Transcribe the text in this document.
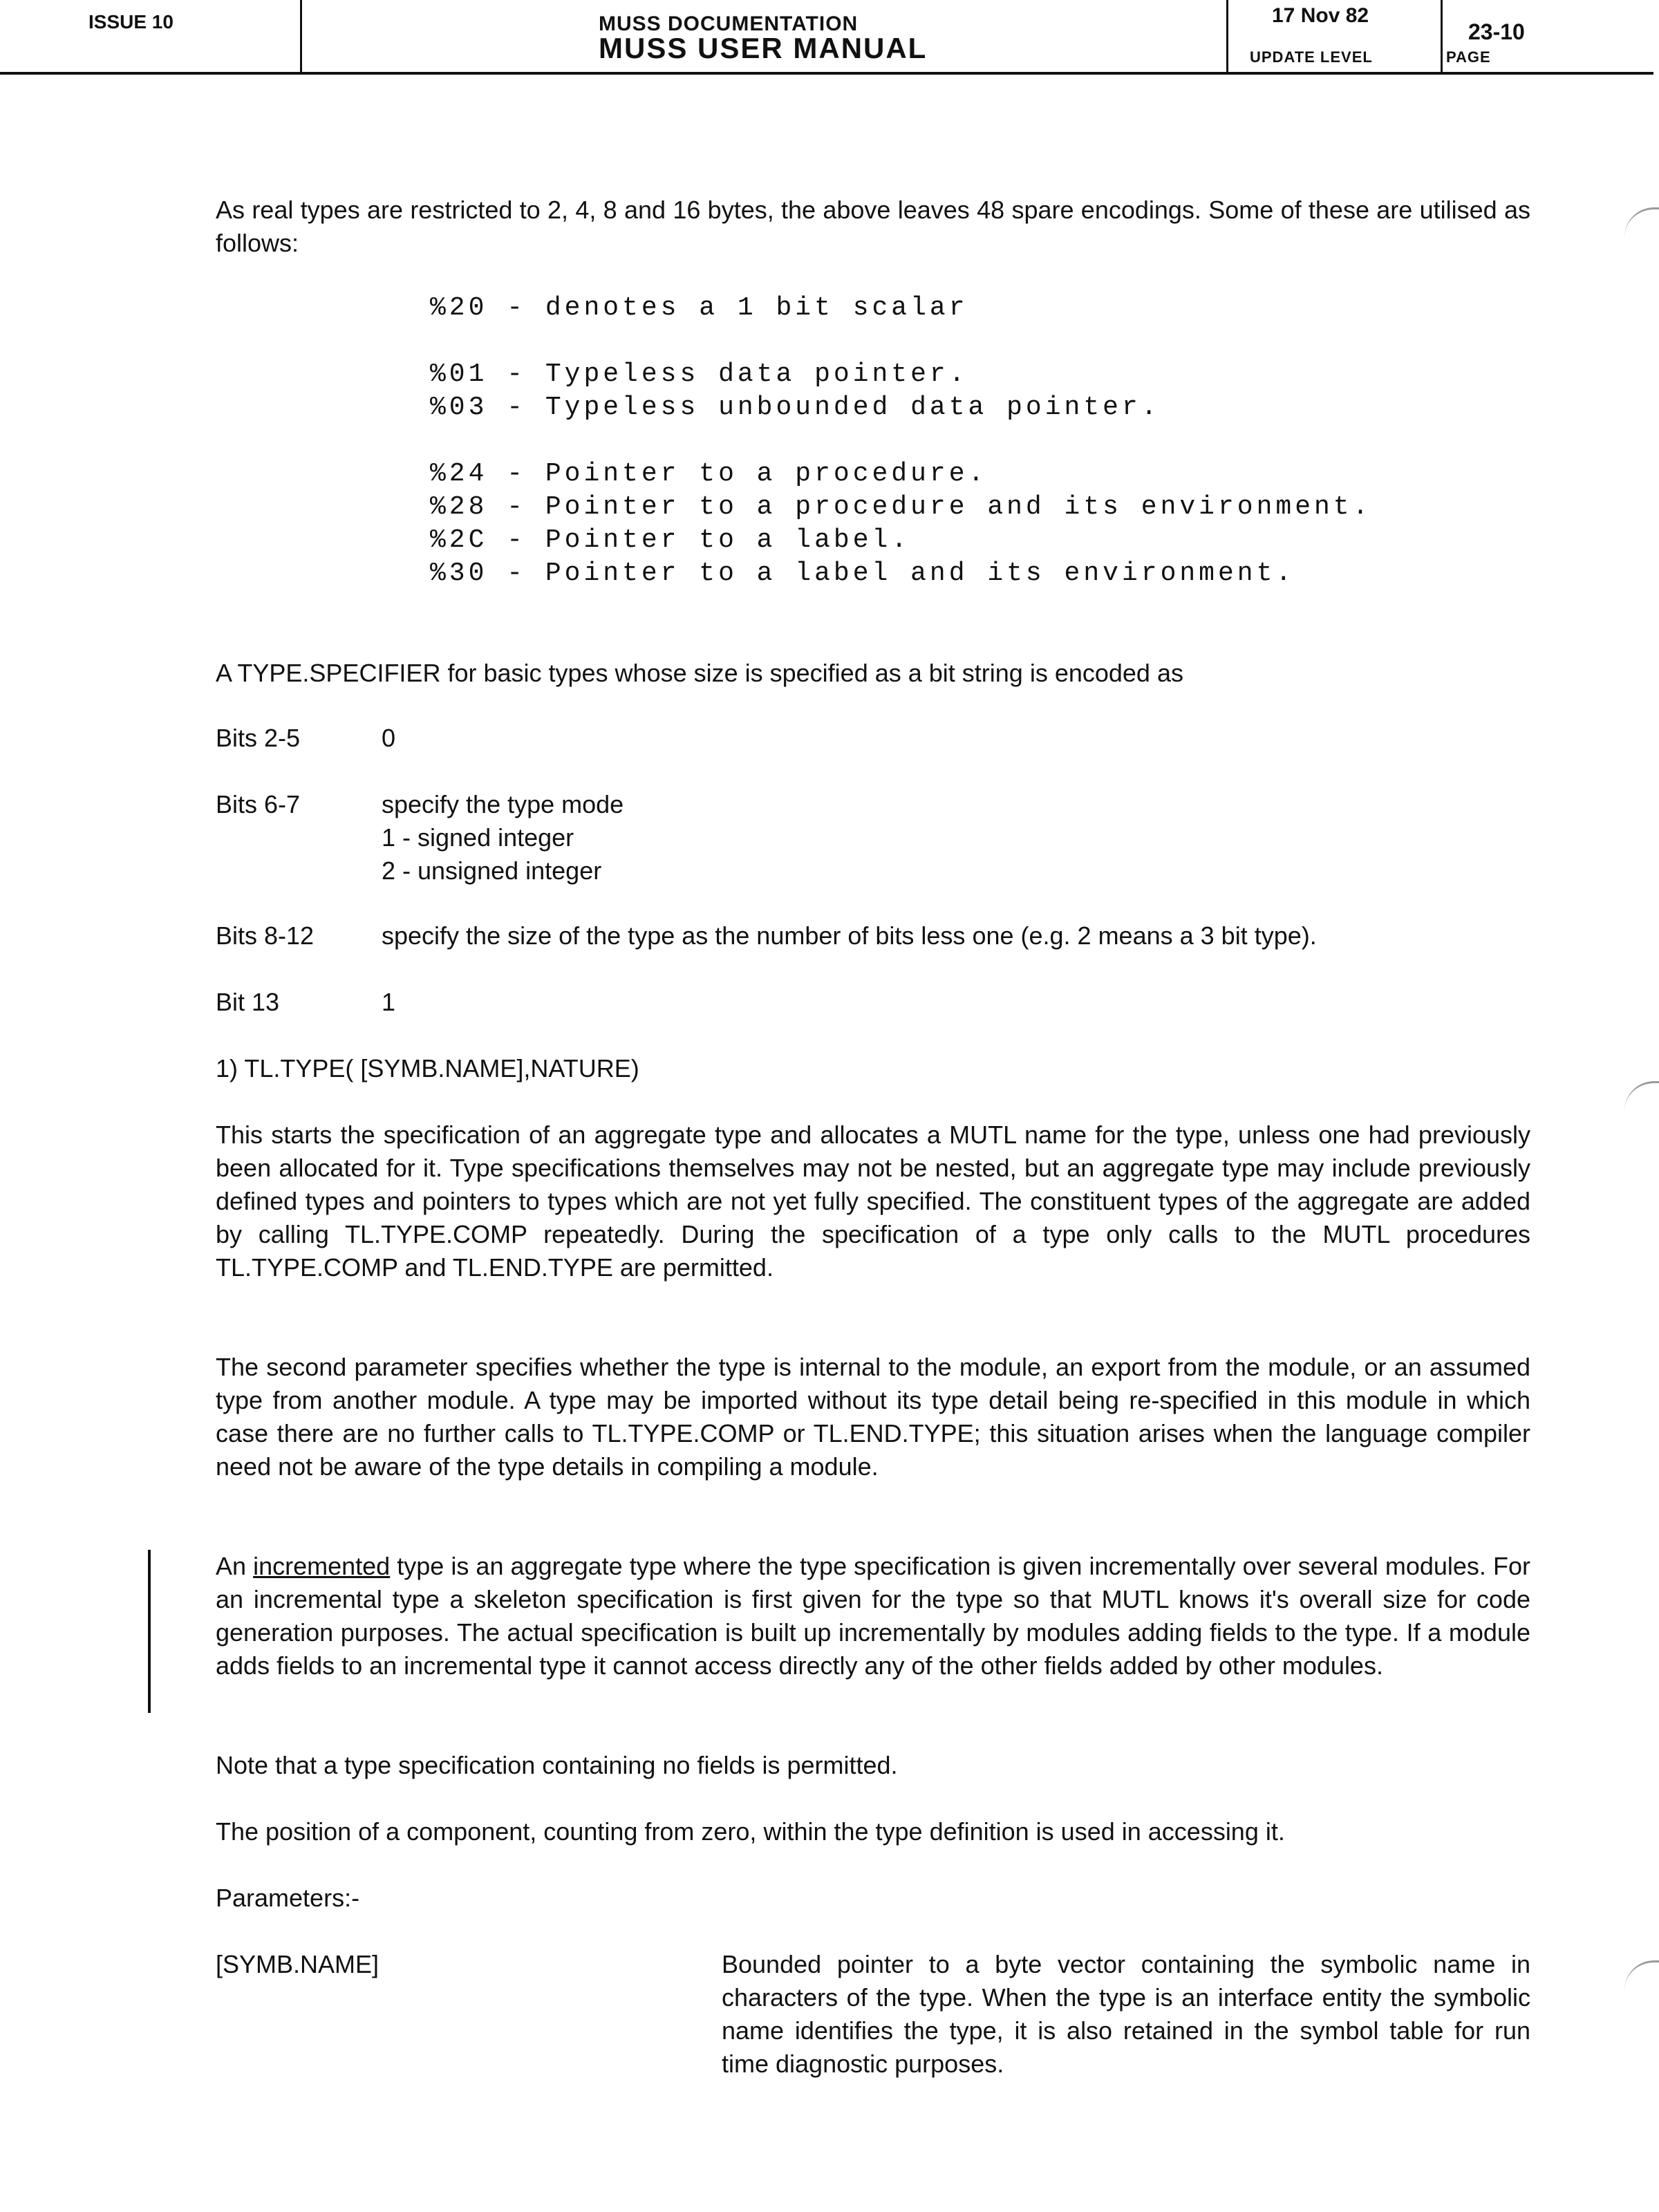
ISSUE 10	MUSS DOCUMENTATION
MUSS USER MANUAL
17 Nov 82
UPDATE LEVEL
23-10
PAGE

As real types are restricted to 2, 4, 8 and 16 bytes, the above leaves 48 spare encodings. Some of these are utilised as follows:

%20 - denotes a 1 bit scalar
%01 - Typeless data pointer.
%03 - Typeless unbounded data pointer.
%24 - Pointer to a procedure.
%28 - Pointer to a procedure and its environment.
%2C - Pointer to a label.
%30 - Pointer to a label and its environment.

A TYPE.SPECIFIER for basic types whose size is specified as a bit string is encoded as

Bits 2-5	0
Bits 6-7	specify the type mode
1 - signed integer
2 - unsigned integer
Bits 8-12	specify the size of the type as the number of bits less one (e.g. 2 means a 3 bit type).
Bit 13	1
1) TL.TYPE( [SYMB.NAME],NATURE)

This starts the specification of an aggregate type and allocates a MUTL name for the type, unless one had previously been allocated for it. Type specifications themselves may not be nested, but an aggregate type may include previously defined types and pointers to types which are not yet fully specified. The constituent types of the aggregate are added by calling TL.TYPE.COMP repeatedly. During the specification of a type only calls to the MUTL procedures TL.TYPE.COMP and TL.END.TYPE are permitted.

The second parameter specifies whether the type is internal to the module, an export from the module, or an assumed type from another module. A type may be imported without its type detail being re-specified in this module in which case there are no further calls to TL.TYPE.COMP or TL.END.TYPE; this situation arises when the language compiler need not be aware of the type details in compiling a module.

An incremented type is an aggregate type where the type specification is given incrementally over several modules. For an incremental type a skeleton specification is first given for the type so that MUTL knows it's overall size for code generation purposes. The actual specification is built up incrementally by modules adding fields to the type. If a module adds fields to an incremental type it cannot access directly any of the other fields added by other modules.

Note that a type specification containing no fields is permitted.

The position of a component, counting from zero, within the type definition is used in accessing it.

Parameters:-
[SYMB.NAME]	Bounded pointer to a byte vector containing the symbolic name in characters of the type. When the type is an interface entity the symbolic name identifies the type, it is also retained in the symbol table for run time diagnostic purposes.
